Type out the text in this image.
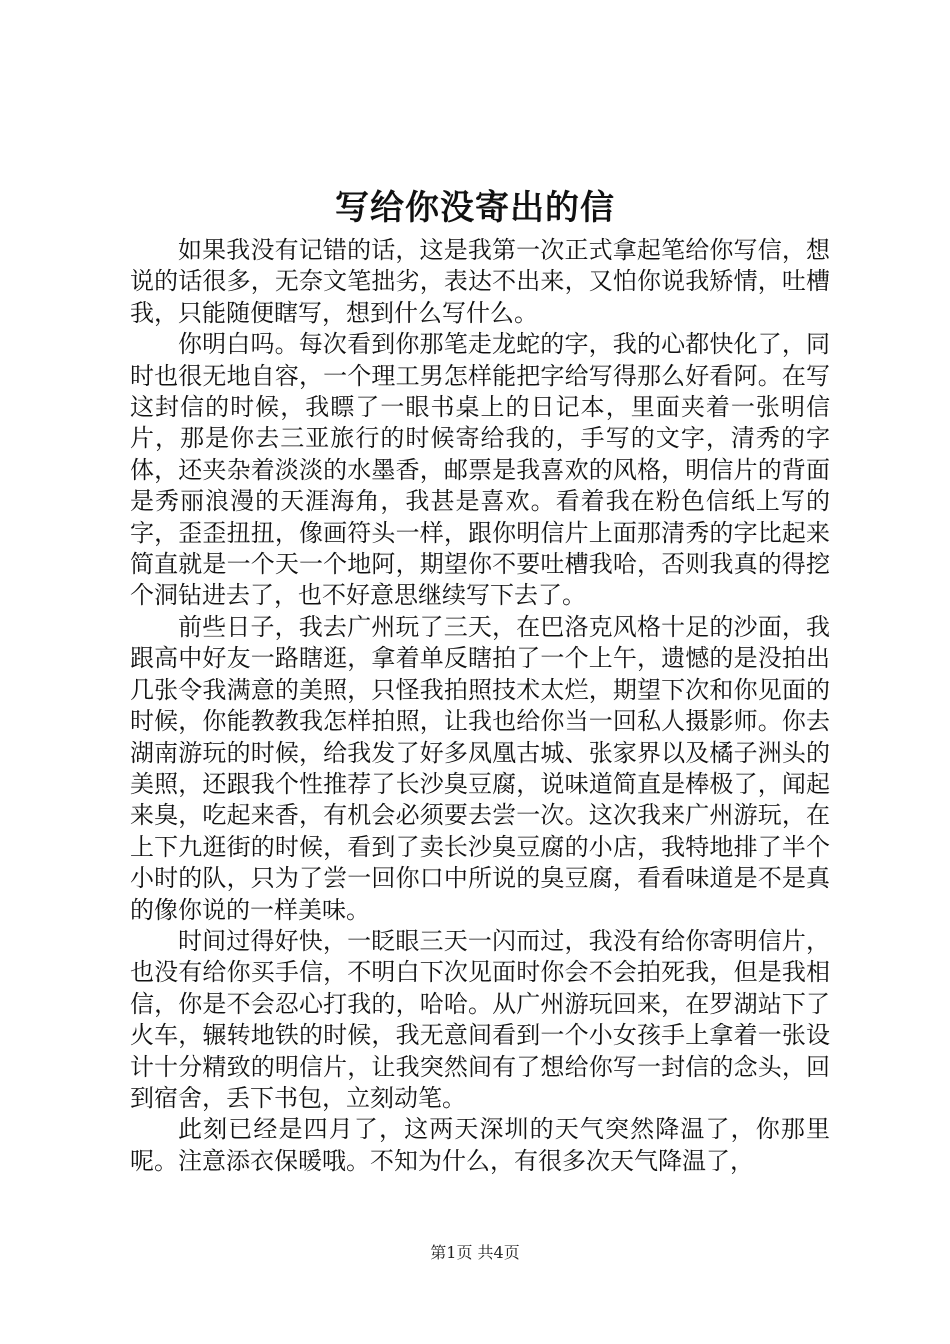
写给你没寄出的信

如果我没有记错的话，这是我第一次正式拿起笔给你写信，想说的话很多，无奈文笔拙劣，表达不出来，又怕你说我矫情，吐槽我，只能随便瞎写，想到什么写什么。

你明白吗。每次看到你那笔走龙蛇的字，我的心都快化了，同时也很无地自容，一个理工男怎样能把字给写得那么好看阿。在写这封信的时候，我瞟了一眼书桌上的日记本，里面夹着一张明信片，那是你去三亚旅行的时候寄给我的，手写的文字，清秀的字体，还夹杂着淡淡的水墨香，邮票是我喜欢的风格，明信片的背面是秀丽浪漫的天涯海角，我甚是喜欢。看着我在粉色信纸上写的字，歪歪扭扭，像画符头一样，跟你明信片上面那清秀的字比起来简直就是一个天一个地阿，期望你不要吐槽我哈，否则我真的得挖个洞钻进去了，也不好意思继续写下去了。

前些日子，我去广州玩了三天，在巴洛克风格十足的沙面，我跟高中好友一路瞎逛，拿着单反瞎拍了一个上午，遗憾的是没拍出几张令我满意的美照，只怪我拍照技术太烂，期望下次和你见面的时候，你能教教我怎样拍照，让我也给你当一回私人摄影师。你去湖南游玩的时候，给我发了好多凤凰古城、张家界以及橘子洲头的美照，还跟我个性推荐了长沙臭豆腐，说味道简直是棒极了，闻起来臭，吃起来香，有机会必须要去尝一次。这次我来广州游玩，在上下九逛街的时候，看到了卖长沙臭豆腐的小店，我特地排了半个小时的队，只为了尝一回你口中所说的臭豆腐，看看味道是不是真的像你说的一样美味。

时间过得好快，一眨眼三天一闪而过，我没有给你寄明信片，也没有给你买手信，不明白下次见面时你会不会拍死我，但是我相信，你是不会忍心打我的，哈哈。从广州游玩回来，在罗湖站下了火车，辗转地铁的时候，我无意间看到一个小女孩手上拿着一张设计十分精致的明信片，让我突然间有了想给你写一封信的念头，回到宿舍，丢下书包，立刻动笔。

此刻已经是四月了，这两天深圳的天气突然降温了，你那里呢。注意添衣保暖哦。不知为什么，有很多次天气降温了，

第1页 共4页
